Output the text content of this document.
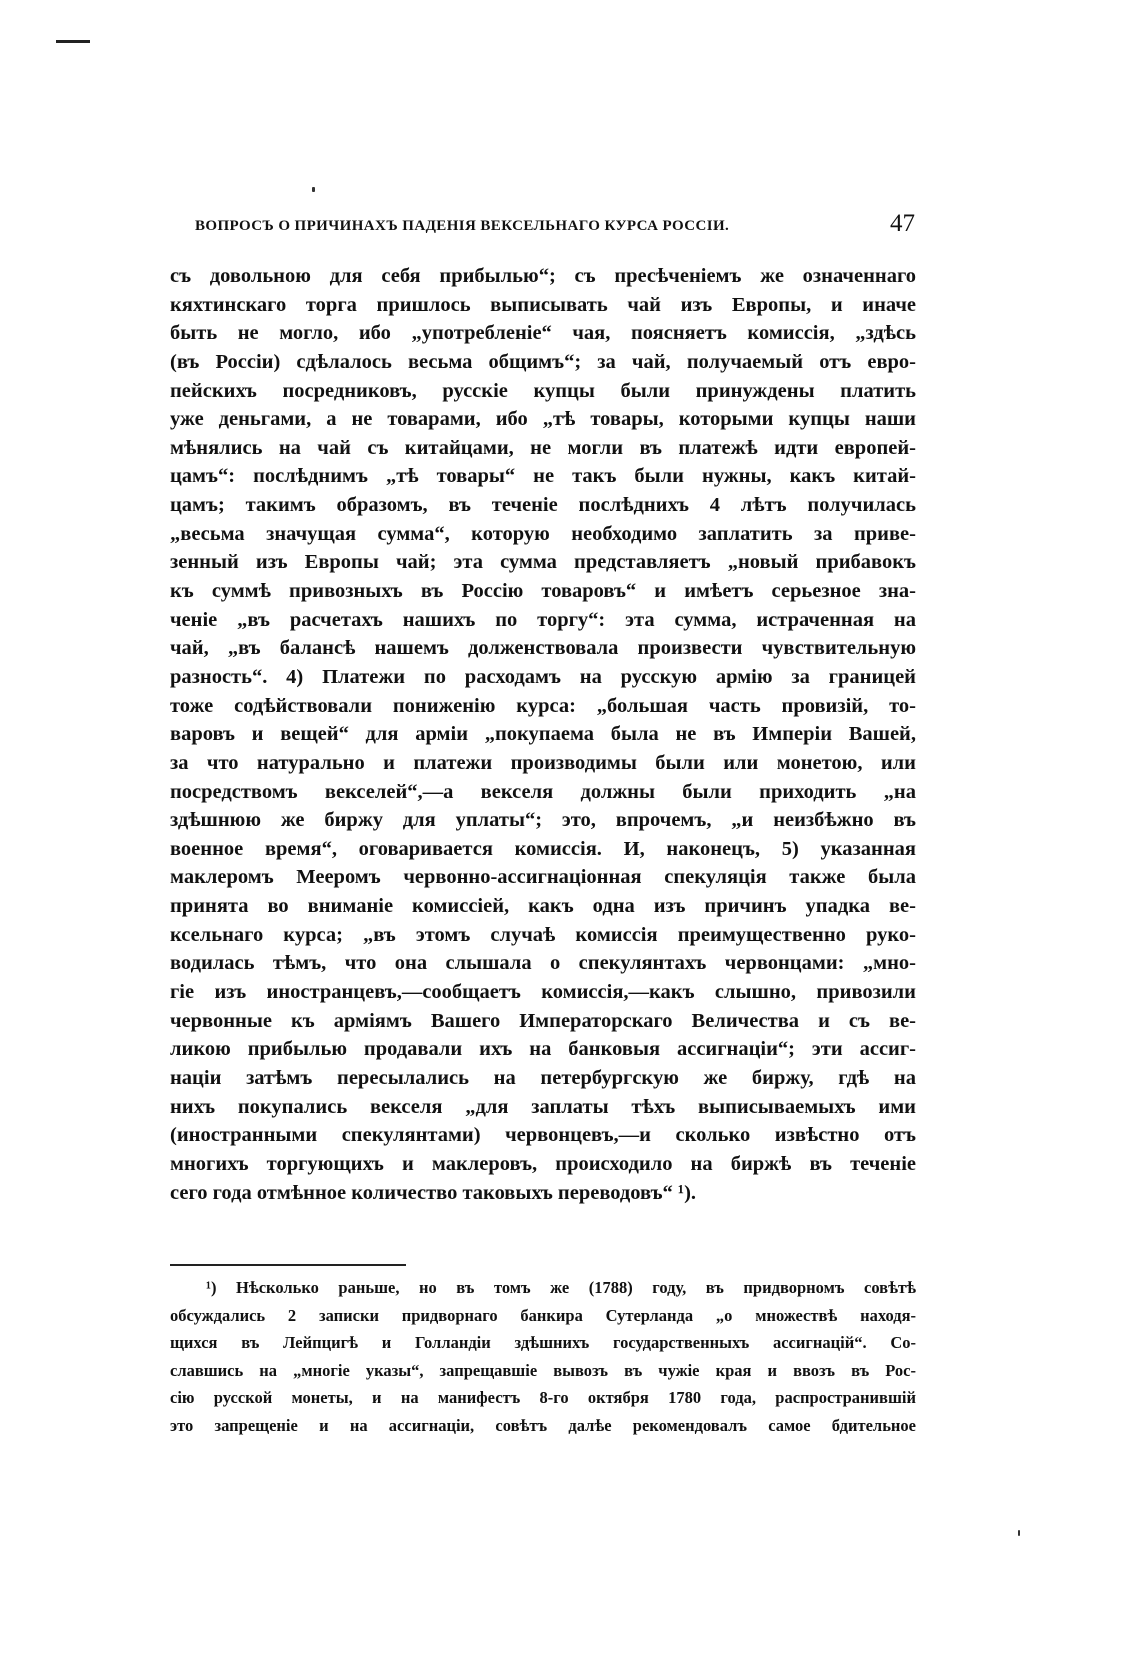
ВОПРОСЪ О ПРИЧИНАХЪ ПАДЕНІЯ ВЕКСЕЛЬНАГО КУРСА РОССІИ.	47
съ довольною для себя прибылью“; съ пресѣченіемъ же означеннаго
кяхтинскаго торга пришлось выписывать чай изъ Европы, и иначе
быть не могло, ибо „употребленіе“ чая, поясняетъ комиссія, „здѣсь
(въ Россіи) сдѣлалось весьма общимъ“; за чай, получаемый отъ евро-
пейскихъ посредниковъ, русскіе купцы были принуждены платить
уже деньгами, а не товарами, ибо „тѣ товары, которыми купцы наши
мѣнялись на чай съ китайцами, не могли въ платежѣ идти европей-
цамъ“: послѣднимъ „тѣ товары“ не такъ были нужны, какъ китай-
цамъ; такимъ образомъ, въ теченіе послѣднихъ 4 лѣтъ получилась
„весьма значущая сумма“, которую необходимо заплатить за приве-
зенный изъ Европы чай; эта сумма представляетъ „новый прибавокъ
къ суммѣ привозныхъ въ Россію товаровъ“ и имѣетъ серьезное зна-
ченіе „въ расчетахъ нашихъ по торгу“: эта сумма, истраченная на
чай, „въ балансѣ нашемъ долженствовала произвести чувствительную
разность“. 4) Платежи по расходамъ на русскую армію за границей
тоже содѣйствовали пониженію курса: „большая часть провизій, то-
варовъ и вещей“ для арміи „покупаема была не въ Имперіи Вашей,
за что натурально и платежи производимы были или монетою, или
посредствомъ векселей“,—а векселя должны были приходить „на
здѣшнюю же биржу для уплаты“; это, впрочемъ, „и неизбѣжно въ
военное время“, оговаривается комиссія. И, наконецъ, 5) указанная
маклеромъ Мееромъ червонно-ассигнаціонная спекуляція также была
принята во вниманіе комиссіей, какъ одна изъ причинъ упадка ве-
ксельнаго курса; „въ этомъ случаѣ комиссія преимущественно руко-
водилась тѣмъ, что она слышала о спекулянтахъ червонцами: „мно-
гіе изъ иностранцевъ,—сообщаетъ комиссія,—какъ слышно, привозили
червонные къ арміямъ Вашего Императорскаго Величества и съ ве-
ликою прибылью продавали ихъ на банковыя ассигнаціи“; эти ассиг-
націи затѣмъ пересылались на петербургскую же биржу, гдѣ на
нихъ покупались векселя „для заплаты тѣхъ выписываемыхъ ими
(иностранными спекулянтами) червонцевъ,—и сколько извѣстно отъ
многихъ торгующихъ и маклеровъ, происходило на биржѣ въ теченіе
сего года отмѣнное количество таковыхъ переводовъ“ ¹).
¹) Нѣсколько раньше, но въ томъ же (1788) году, въ придворномъ совѣтѣ
обсуждались 2 записки придворнаго банкира Сутерланда „о множествѣ находя-
щихся въ Лейпцигѣ и Голландіи здѣшнихъ государственныхъ ассигнацій“. Со-
славшись на „многіе указы“, запрещавшіе вывозъ въ чужіе края и ввозъ въ Рос-
сію русской монеты, и на манифестъ 8-го октября 1780 года, распространившій
это запрещеніе и на ассигнаціи, совѣтъ далѣе рекомендовалъ самое бдительное
